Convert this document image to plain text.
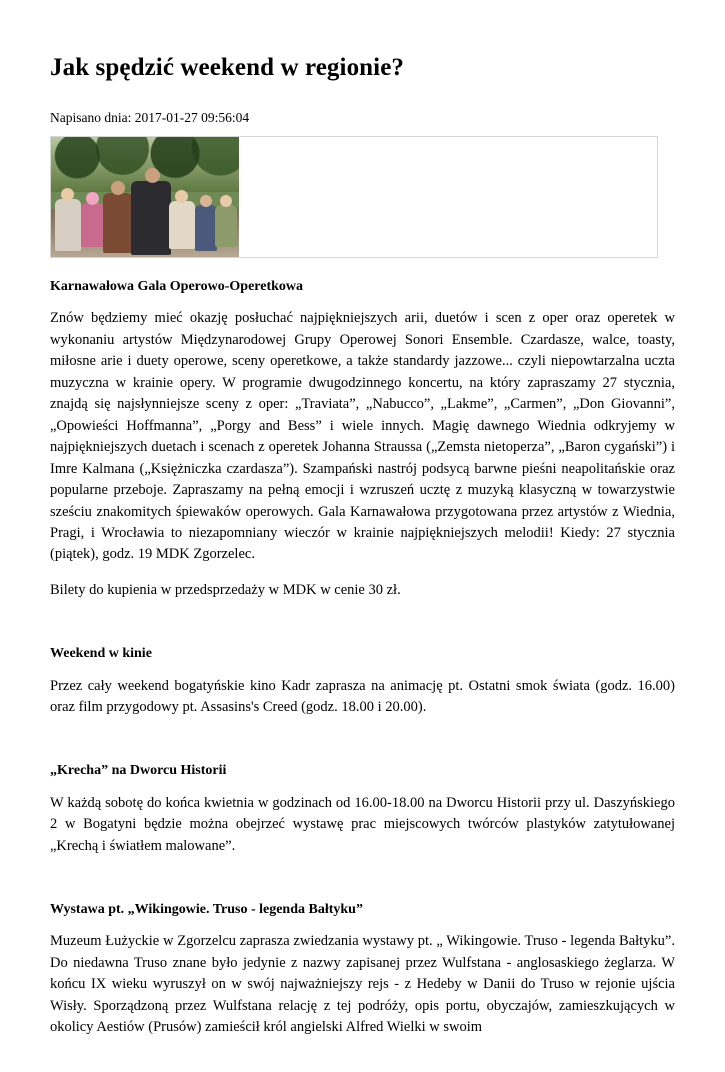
Jak spędzić weekend w regionie?
Napisano dnia: 2017-01-27 09:56:04
Karnawałowa Gala Operowo-Operetkowa

Znów będziemy mieć okazję posłuchać najpiękniejszych arii, duetów i scen z oper oraz operetek w wykonaniu artystów Międzynarodowej Grupy Operowej Sonori Ensemble. Czardasze, walce, toasty, miłosne arie i duety operowe, sceny operetkowe, a także standardy jazzowe... czyli niepowtarzalna uczta muzyczna w krainie opery. W programie dwugodzinnego koncertu, na który zapraszamy 27 stycznia, znajdą się najsłynniejsze sceny z oper: „Traviata”, „Nabucco”, „Lakme”, „Carmen”, „Don Giovanni”, „Opowieści Hoffmanna”, „Porgy and Bess” i wiele innych. Magię dawnego Wiednia odkryjemy w najpiękniejszych duetach i scenach z operetek Johanna Straussa („Zemsta nietoperza”, „Baron cygański”) i Imre Kalmana („Księżniczka czardasza”). Szampański nastrój podsycą barwne pieśni neapolitańskie oraz popularne przeboje. Zapraszamy na pełną emocji i wzruszeń ucztę z muzyką klasyczną w towarzystwie sześciu znakomitych śpiewaków operowych. Gala Karnawałowa przygotowana przez artystów z Wiednia, Pragi, i Wrocławia to niezapomniany wieczór w krainie najpiękniejszych melodii! Kiedy: 27 stycznia (piątek), godz. 19 MDK Zgorzelec.

Bilety do kupienia w przedsprzedaży w MDK w cenie 30 zł.

Weekend w kinie

Przez cały weekend bogatyńskie kino Kadr zaprasza na animację pt. Ostatni smok świata (godz. 16.00) oraz film przygodowy pt. Assasins's Creed (godz. 18.00 i 20.00).

„Krecha” na Dworcu Historii

W każdą sobotę do końca kwietnia w godzinach od 16.00-18.00 na Dworcu Historii przy ul. Daszyńskiego 2 w Bogatyni będzie można obejrzeć wystawę prac miejscowych twórców plastyków zatytułowanej „Krechą i światłem malowane”.

Wystawa pt. „Wikingowie. Truso - legenda Bałtyku”

Muzeum Łużyckie w Zgorzelcu zaprasza zwiedzania wystawy pt. „ Wikingowie. Truso - legenda Bałtyku”. Do niedawna Truso znane było jedynie z nazwy zapisanej przez Wulfstana - anglosaskiego żeglarza. W końcu IX wieku wyruszył on w swój najważniejszy rejs - z Hedeby w Danii do Truso w rejonie ujścia Wisły. Sporządzoną przez Wulfstana relację z tej podróży, opis portu, obyczajów, zamieszkujących w okolicy Aestiów (Prusów) zamieścił król angielski Alfred Wielki w swoim
